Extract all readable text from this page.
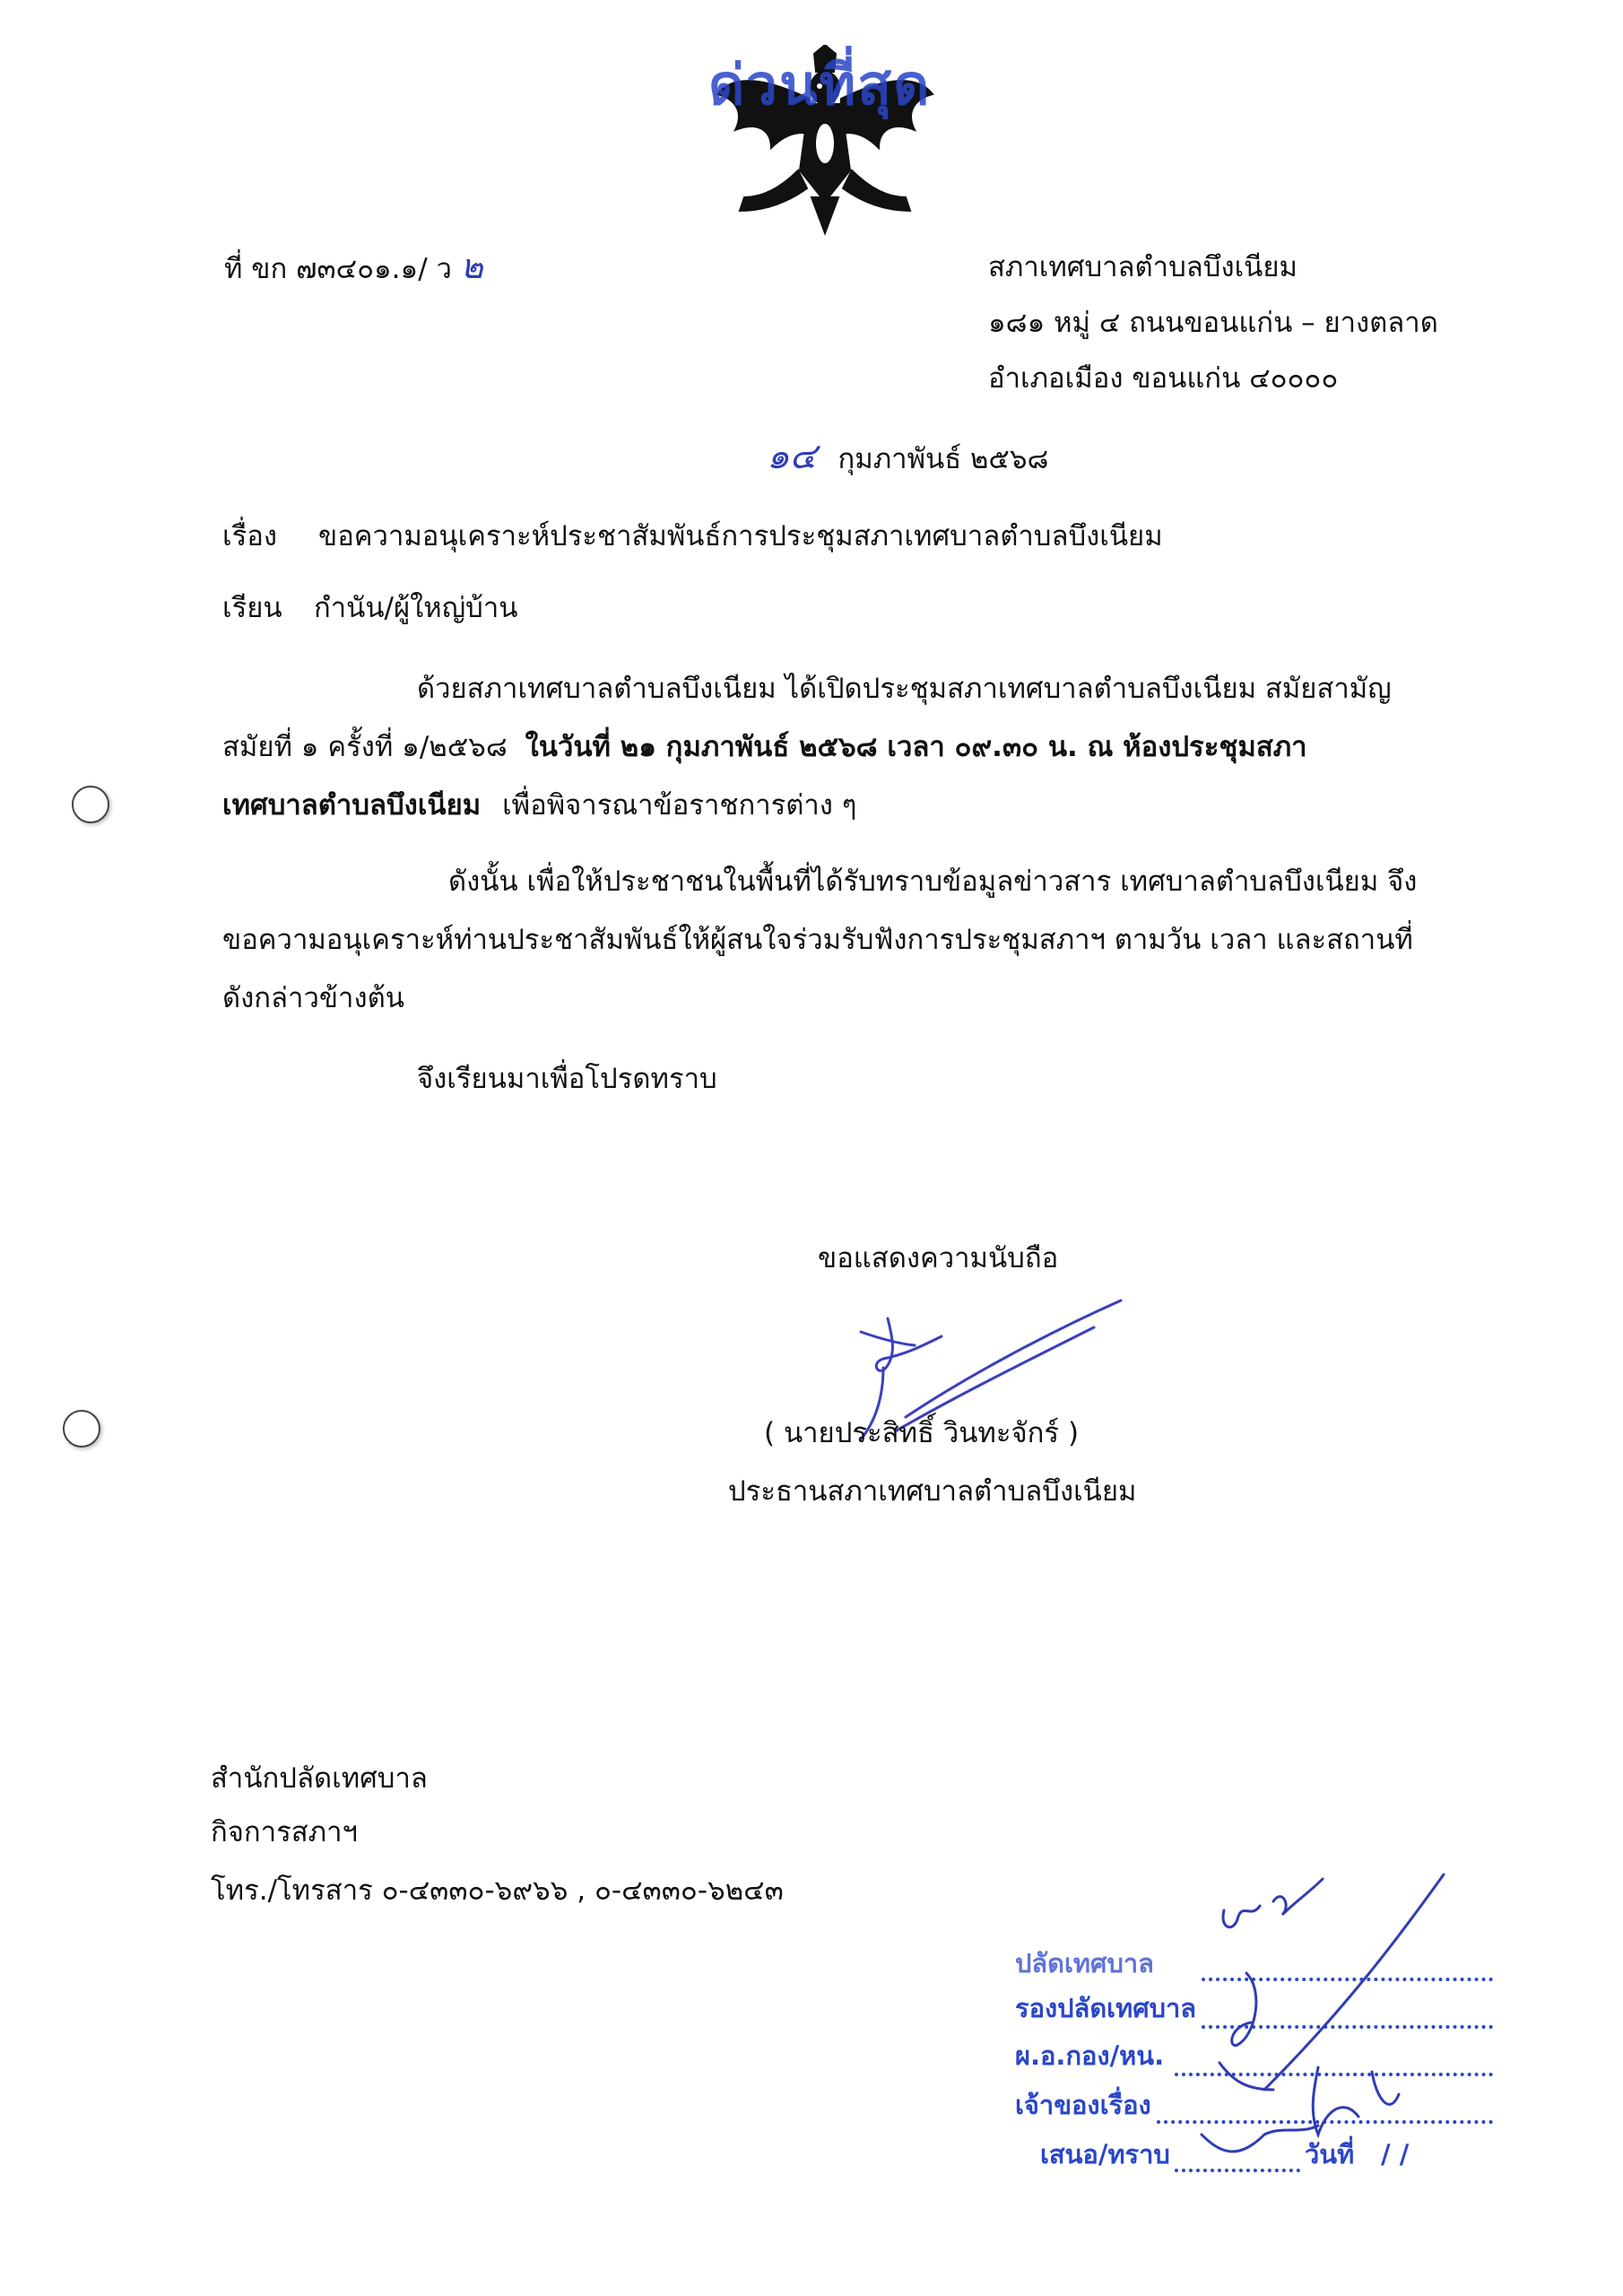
ด่วนที่สุด
ที่ ขก ๗๓๔๐๑.๑/ ว ๒	สภาเทศบาลตำบลบึงเนียม
๑๘๑ หมู่ ๔ ถนนขอนแก่น – ยางตลาด
อำเภอเมือง ขอนแก่น ๔๐๐๐๐
๑๔ กุมภาพันธ์ ๒๕๖๘
เรื่อง ขอความอนุเคราะห์ประชาสัมพันธ์การประชุมสภาเทศบาลตำบลบึงเนียม
เรียน กำนัน/ผู้ใหญ่บ้าน
ด้วยสภาเทศบาลตำบลบึงเนียม ได้เปิดประชุมสภาเทศบาลตำบลบึงเนียม สมัยสามัญ
สมัยที่ ๑ ครั้งที่ ๑/๒๕๖๘ ในวันที่ ๒๑ กุมภาพันธ์ ๒๕๖๘ เวลา ๐๙.๓๐ น. ณ ห้องประชุมสภา
เทศบาลตำบลบึงเนียม เพื่อพิจารณาข้อราชการต่าง ๆ
ดังนั้น เพื่อให้ประชาชนในพื้นที่ได้รับทราบข้อมูลข่าวสาร เทศบาลตำบลบึงเนียม จึง
ขอความอนุเคราะห์ท่านประชาสัมพันธ์ให้ผู้สนใจร่วมรับฟังการประชุมสภาฯ ตามวัน เวลา และสถานที่
ดังกล่าวข้างต้น
จึงเรียนมาเพื่อโปรดทราบ
ขอแสดงความนับถือ
( นายประสิทธิ์ วินทะจักร์ )
ประธานสภาเทศบาลตำบลบึงเนียม
สำนักปลัดเทศบาล
กิจการสภาฯ
โทร./โทรสาร ๐-๔๓๓๐-๖๙๖๖ , ๐-๔๓๓๐-๖๒๔๓
ปลัดเทศบาล
รองปลัดเทศบาล
ผ.อ.กอง/หน.
เจ้าของเรื่อง
เสนอ/ทราบ	วันที่ / /
